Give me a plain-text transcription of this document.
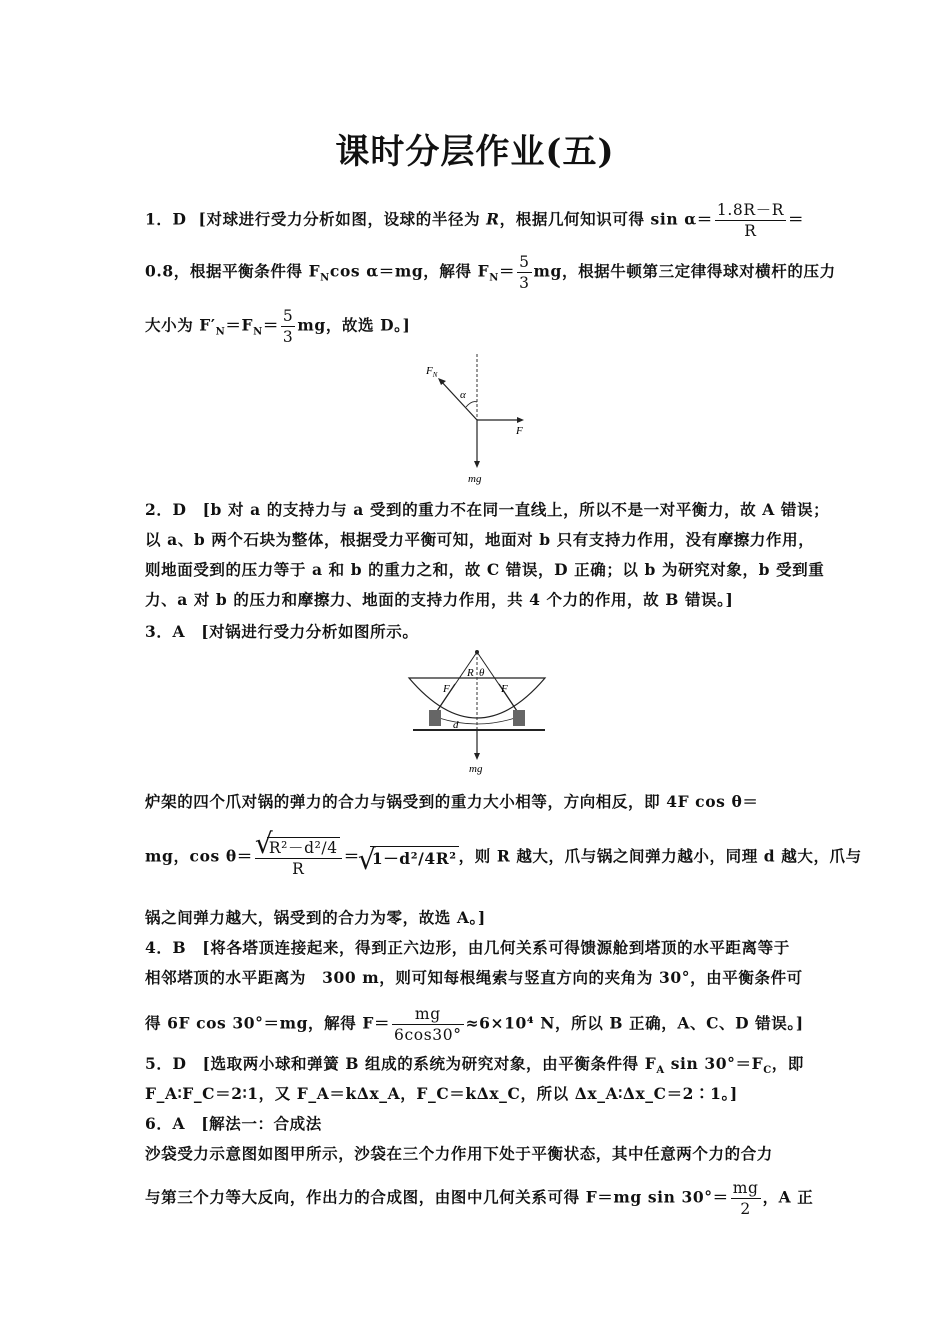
课时分层作业(五)
1．D [对球进行受力分析如图，设球的半径为 R，根据几何知识可得 $\sin \alpha= \frac{1.8R-R}{R}$ ＝
0.8，根据平衡条件得 $F_N\cos$ α＝mg，解得 $F_N= \frac{5}{3}$ mg，根据牛顿第三定律得球对横杆的压力
大小为 $F'_N=F_N= \frac{5}{3}$ mg，故选 D。]
$F_N$
α
F
mg
2．D　[b 对 a 的支持力与 a 受到的重力不在同一直线上，所以不是一对平衡力，故 A 错误；
以 a、b 两个石块为整体，根据受力平衡可知，地面对 b 只有支持力作用，没有摩擦力作用，
则地面受到的压力等于 a 和 b 的重力之和，故 C 错误，D 正确；以 b 为研究对象，b 受到重
力、a 对 b 的压力和摩擦力、地面的支持力作用，共 4 个力的作用，故 B 错误。]
3．A　[对锅进行受力分析如图所示。
R θ
F	F
d
mg
炉架的四个爪对锅的弹力的合力与锅受到的重力大小相等，方向相反，即 4F cos θ＝
mg，cos θ＝ √ $\frac{\text{R²－d²/4}}{R}$ ＝ √ 1－d²/4R² ，则 R 越大，爪与锅之间弹力越小，同理 d 越大，爪与
锅之间弹力越大，锅受到的合力为零，故选 A。]
4．B　[将各塔顶连接起来，得到正六边形，由几何关系可得馈源舱到塔顶的水平距离等于
相邻塔顶的水平距离为　300 m，则可知每根绳索与竖直方向的夹角为 30°，由平衡条件可
得 6F cos 30°＝mg，解得 $F= \frac{mg}{6\cos 30^\circ} \approx 6\times 10^4$ N，所以 B 正确，A、C、D 错误。]
5．D　[选取两小球和弹簧 B 组成的系统为研究对象，由平衡条件得 $F_A$ $\sin 30^\circ=F_C$，即
F_A∶F_C＝2∶1，又 F_A＝kΔx_A，F_C＝kΔx_C，所以 Δx_A∶Δx_C＝2∶1。]
6．A　[解法一：合成法
沙袋受力示意图如图甲所示，沙袋在三个力作用下处于平衡状态，其中任意两个力的合力
与第三个力等大反向，作出力的合成图，由图中几何关系可得 F＝mg $\sin 30^\circ= \frac{mg}{2}$ ，A 正
